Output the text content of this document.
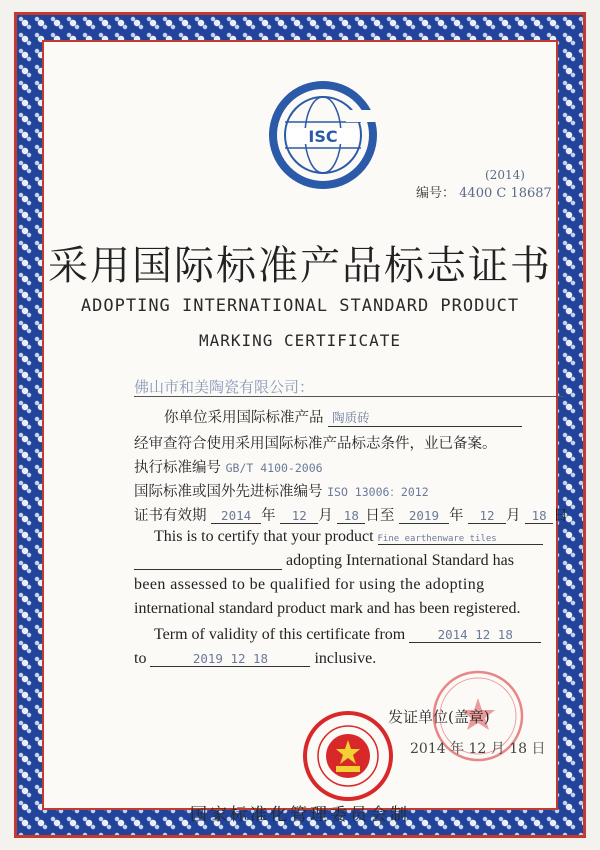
ISC
(2014)
编号： 4400 C 18687
采用国际标准产品标志证书
ADOPTING INTERNATIONAL STANDARD PRODUCT
MARKING CERTIFICATE
佛山市和美陶瓷有限公司：
你单位采用国际标准产品 陶质砖
经审查符合使用采用国际标准产品标志条件，业已备案。
执行标准编号 GB/T 4100-2006
国际标准或国外先进标准编号 ISO 13006：2012
证书有效期 2014 年 12 月 18 日至 2019 年 12 月 18 日
This is to certify that your product Fine earthenware tiles
adopting International Standard has
been assessed to be qualified for using the adopting
international standard product mark and has been registered.
Term of validity of this certificate from	2014 12 18
to	2019 12 18	inclusive.
发证单位(盖章)
2014 年 12 月 18 日
国家标准化管理委员会制
